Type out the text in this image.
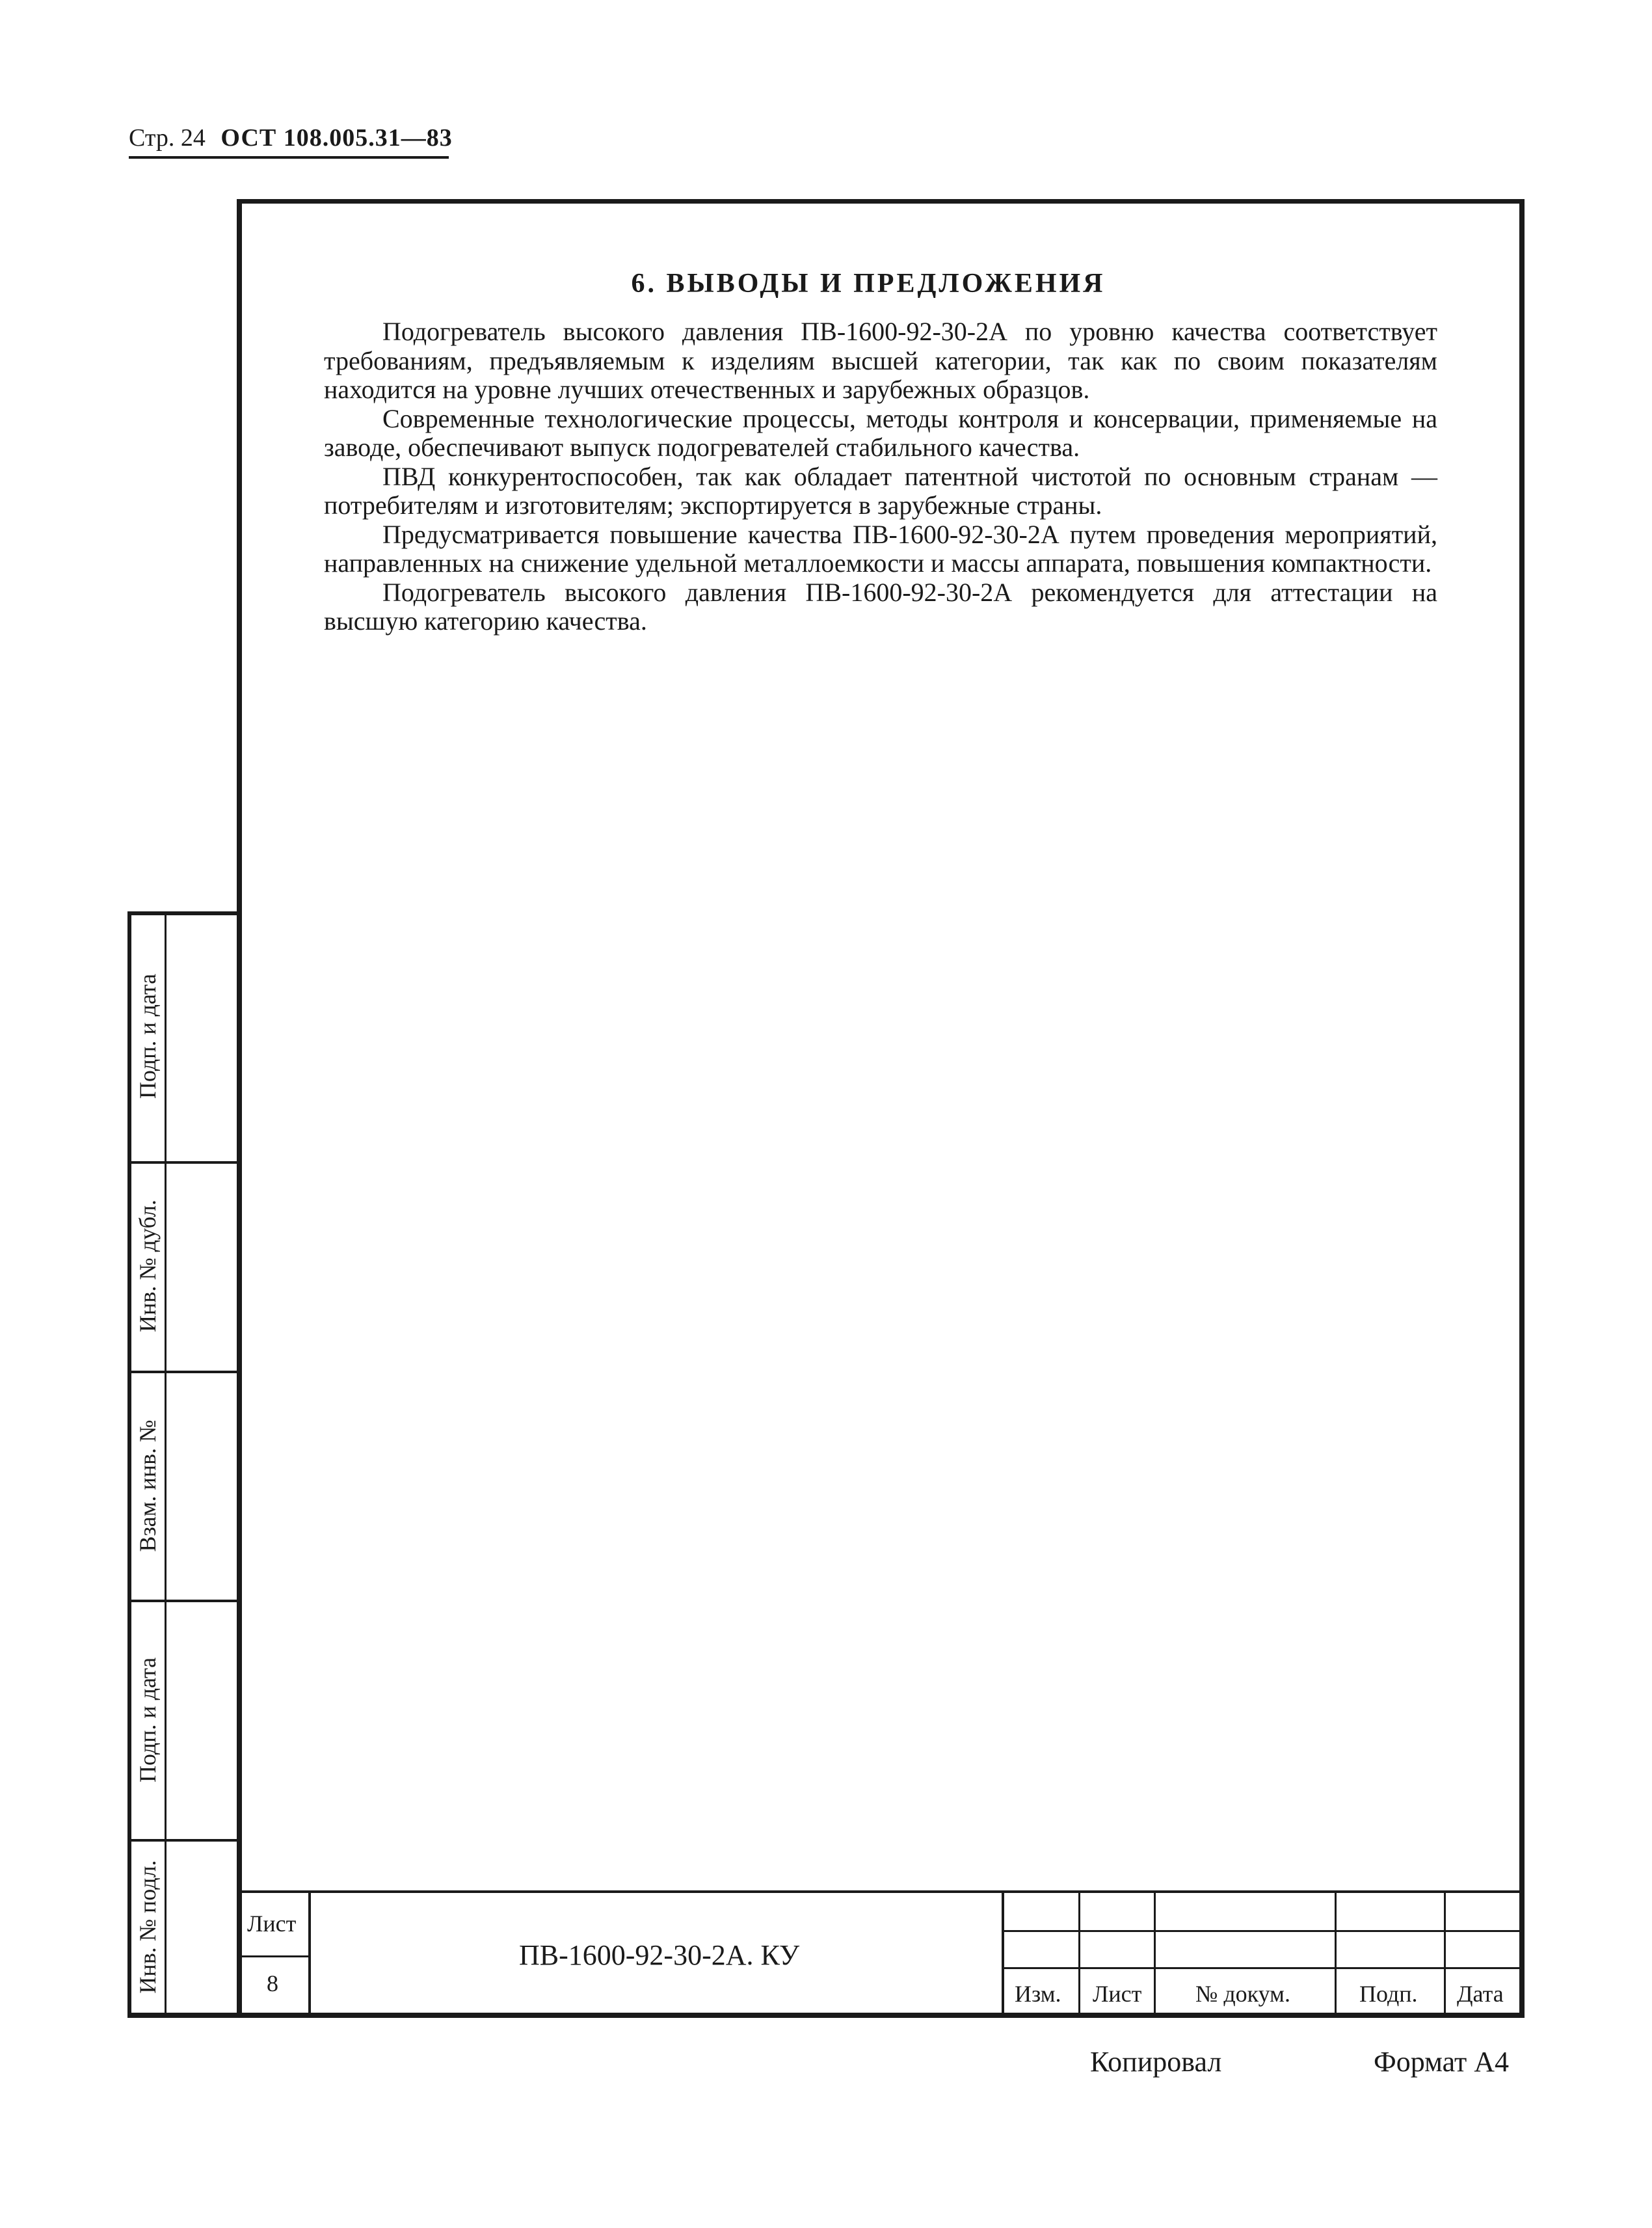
Стр. 24 ОСТ 108.005.31—83
Подп. и дата
Инв. № дубл.
Взам. инв. №
Подп. и дата
Инв. № подл.
6. ВЫВОДЫ И ПРЕДЛОЖЕНИЯ

Подогреватель высокого давления ПВ-1600-92-30-2А по уровню качества соответствует требованиям, предъявляемым к изделиям высшей категории, так как по своим показателям находится на уровне лучших отечественных и зарубежных образцов.

Современные технологические процессы, методы контроля и консервации, применяемые на заводе, обеспечивают выпуск подогревателей стабильного качества.

ПВД конкурентоспособен, так как обладает патентной чистотой по основным странам — потребителям и изготовителям; экспортируется в зарубежные страны.

Предусматривается повышение качества ПВ-1600-92-30-2А путем проведения мероприятий, направленных на снижение удельной металлоемкости и массы аппарата, повышения компактности.

Подогреватель высокого давления ПВ-1600-92-30-2А рекомендуется для аттестации на высшую категорию качества.

Лист
8
ПВ-1600-92-30-2А. КУ
Изм. Лист № докум.	Подп. Дата
Копировал	Формат А4
